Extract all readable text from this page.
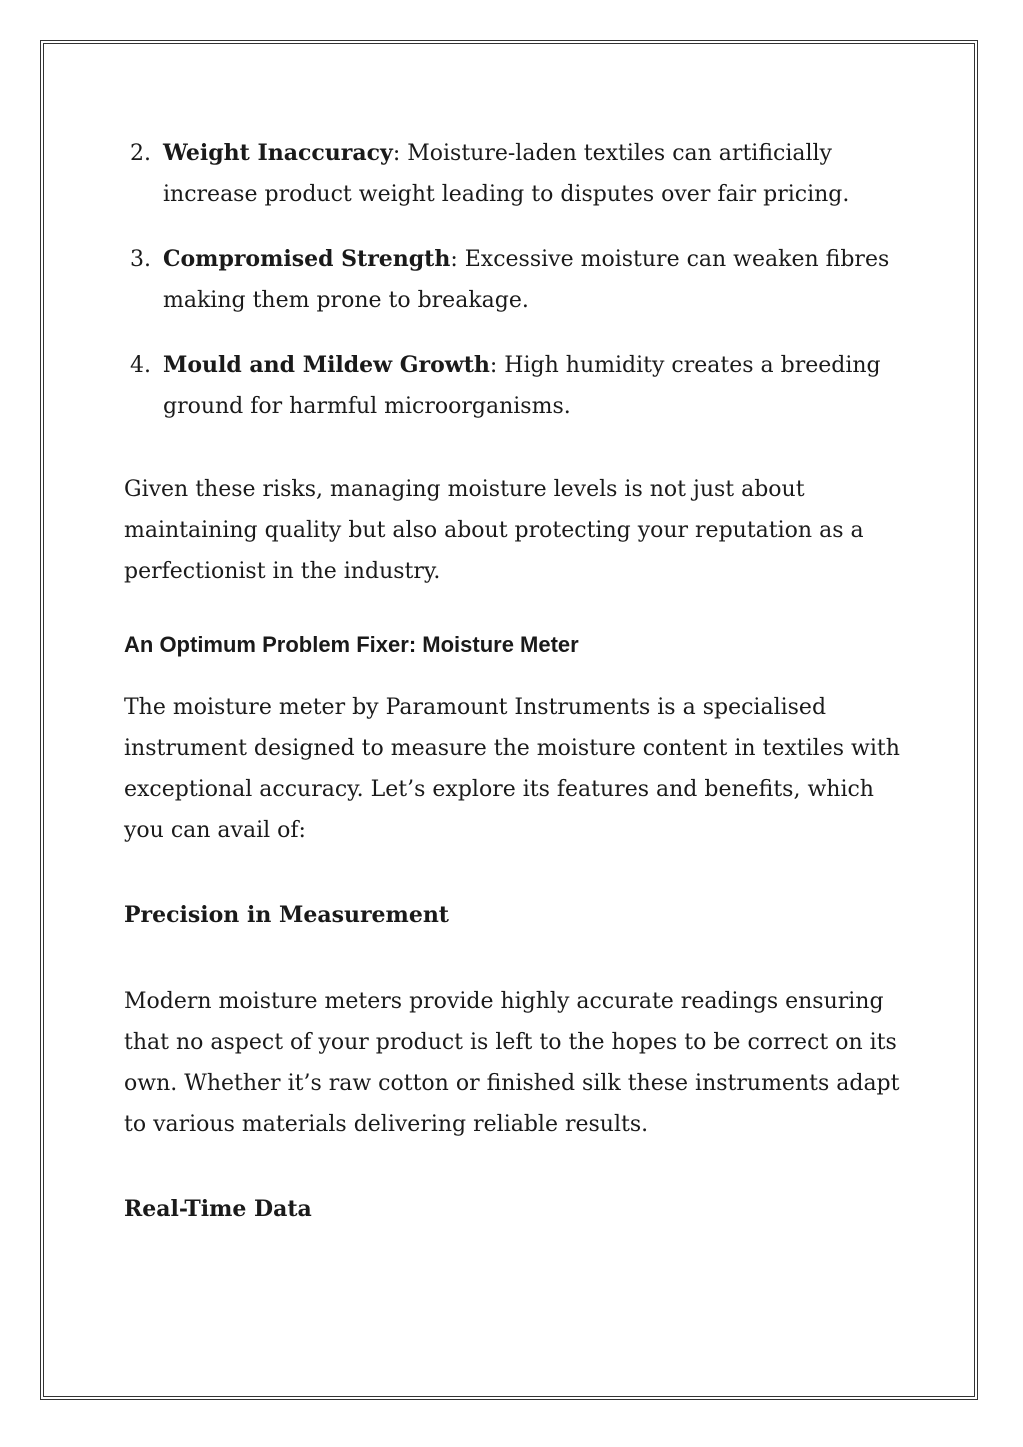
2. Weight Inaccuracy: Moisture-laden textiles can artificially increase product weight leading to disputes over fair pricing.
3. Compromised Strength: Excessive moisture can weaken fibres making them prone to breakage.
4. Mould and Mildew Growth: High humidity creates a breeding ground for harmful microorganisms.

Given these risks, managing moisture levels is not just about maintaining quality but also about protecting your reputation as a perfectionist in the industry.

An Optimum Problem Fixer: Moisture Meter

The moisture meter by Paramount Instruments is a specialised instrument designed to measure the moisture content in textiles with exceptional accuracy. Let’s explore its features and benefits, which you can avail of:

Precision in Measurement

Modern moisture meters provide highly accurate readings ensuring that no aspect of your product is left to the hopes to be correct on its own. Whether it’s raw cotton or finished silk these instruments adapt to various materials delivering reliable results.

Real-Time Data
